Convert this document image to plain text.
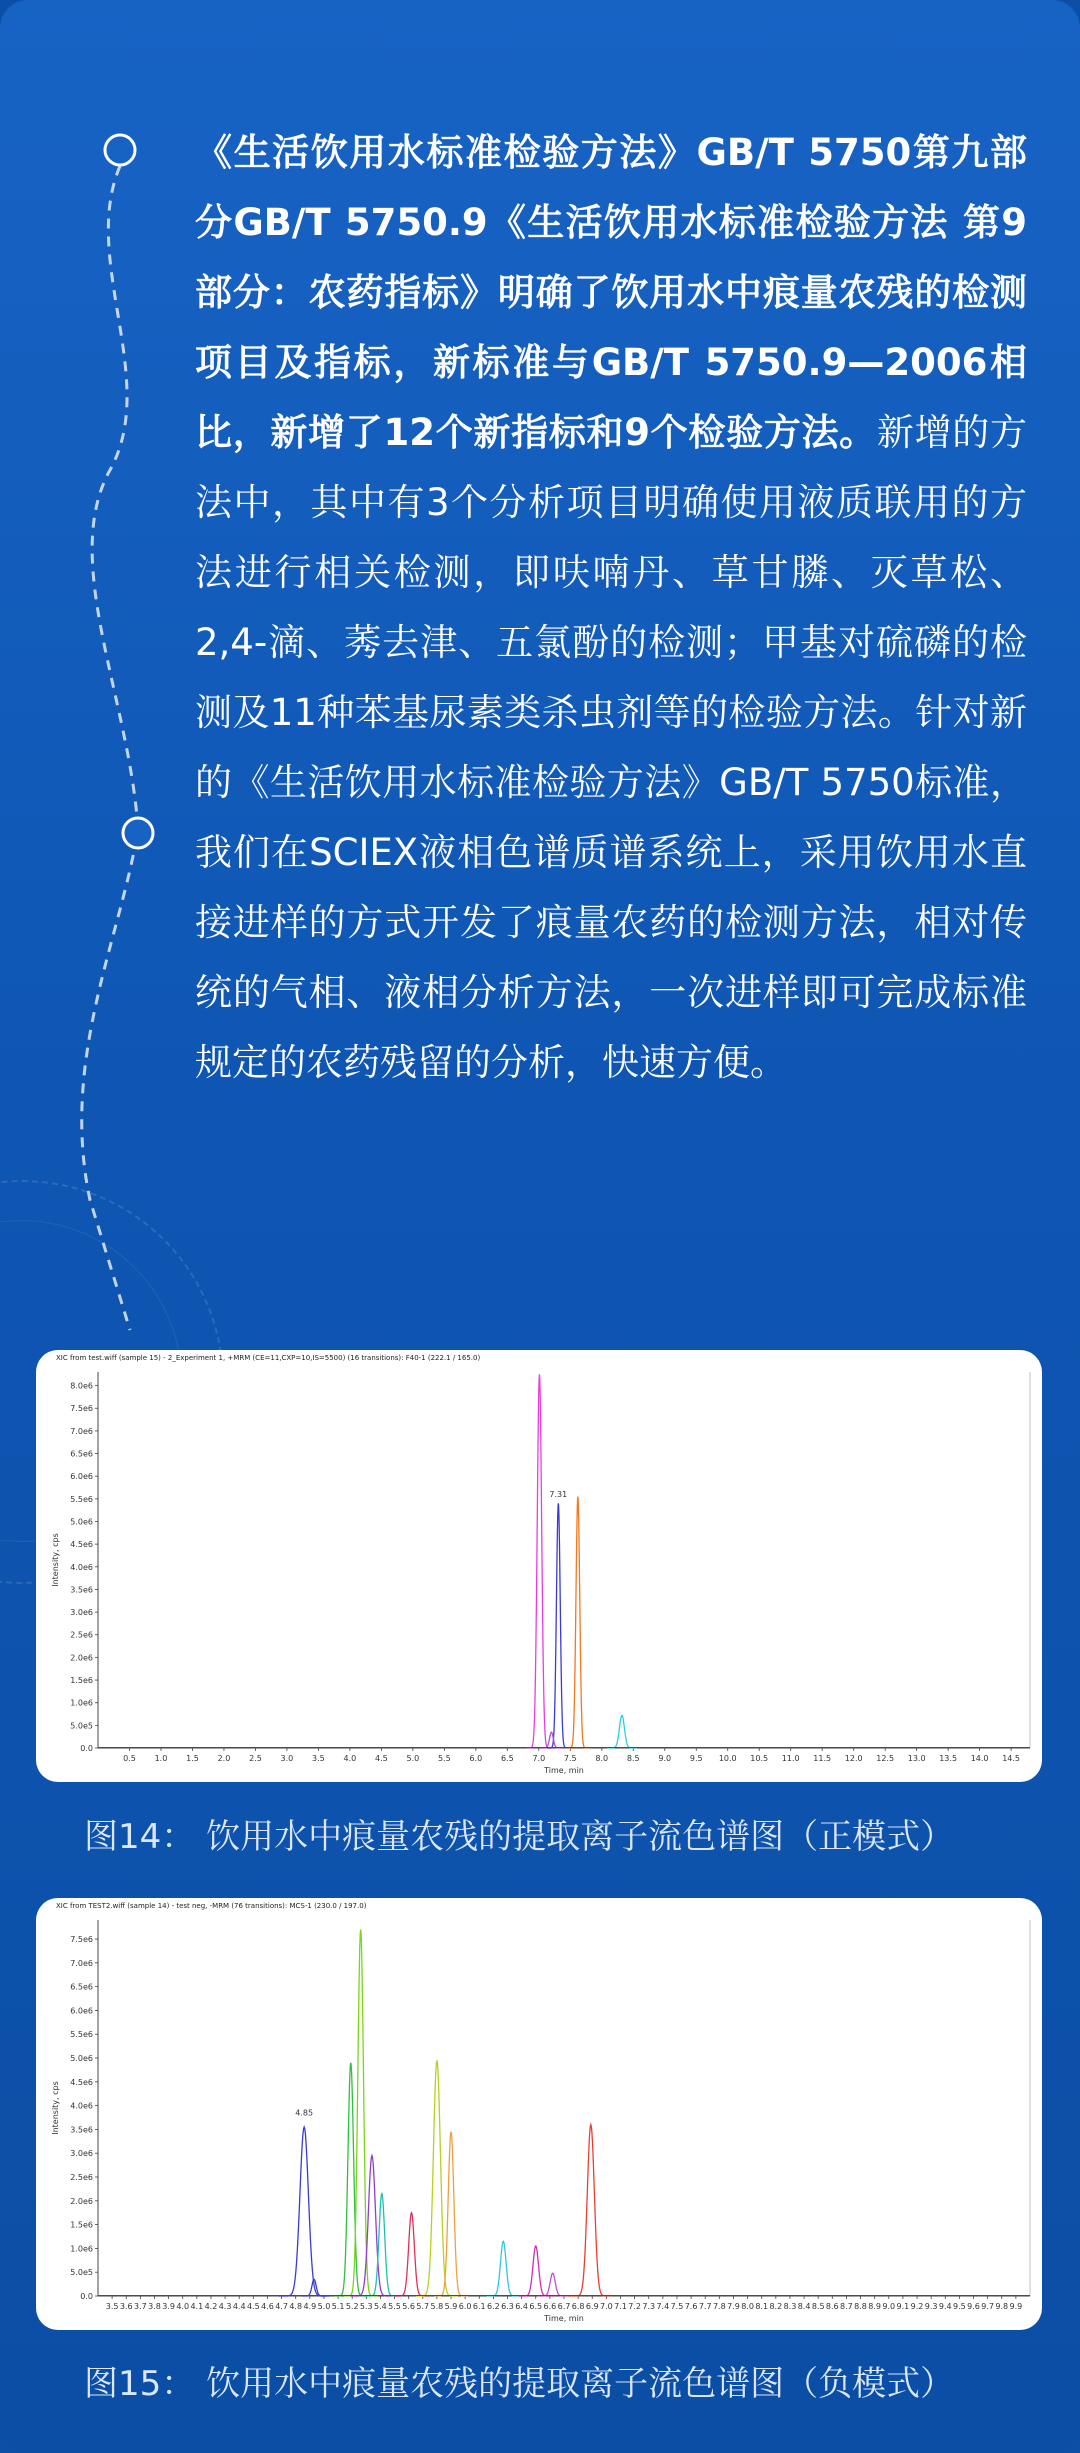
《生活饮用水标准检验方法》GB/T 5750第九部分GB/T 5750.9《生活饮用水标准检验方法 第9部分：农药指标》明确了饮用水中痕量农残的检测项目及指标，新标准与GB/T 5750.9—2006相比，新增了12个新指标和9个检验方法。新增的方法中，其中有3个分析项目明确使用液质联用的方法进行相关检测，即呋喃丹、草甘膦、灭草松、2,4-滴、莠去津、五氯酚的检测；甲基对硫磷的检测及11种苯基尿素类杀虫剂等的检验方法。针对新的《生活饮用水标准检验方法》GB/T 5750标准，我们在SCIEX液相色谱质谱系统上，采用饮用水直接进样的方式开发了痕量农药的检测方法，相对传统的气相、液相分析方法，一次进样即可完成标准规定的农药残留的分析，快速方便。

XIC from test.wiff (sample 15) - 2_Experiment 1, +MRM (CE=11,CXP=10,IS=5500) (16 transitions): F40-1 (222.1 / 165.0)
0.0
5.0e5
1.0e6
1.5e6
2.0e6
2.5e6
3.0e6
3.5e6
4.0e6
4.5e6
5.0e6
5.5e6
6.0e6
6.5e6
7.0e6
7.5e6
8.0e6
0.5 1.0 1.5 2.0 2.5 3.0 3.5 4.0 4.5 5.0 5.5 6.0 6.5 7.0 7.5 8.0 8.5 9.0 9.5 10.0 10.5 11.0 11.5 12.0 12.5 13.0 13.5 14.0 14.5
Time, min
Intensity, cps
7.31

图14： 饮用水中痕量农残的提取离子流色谱图（正模式）

XIC from TEST2.wiff (sample 14) - test neg, -MRM (76 transitions): MCS-1 (230.0 / 197.0)
0.0
5.0e5
1.0e6
1.5e6
2.0e6
2.5e6
3.0e6
3.5e6
4.0e6
4.5e6
5.0e6
5.5e6
6.0e6
6.5e6
7.0e6
7.5e6
3.5 3.6 3.7 3.8 3.9 4.0 4.1 4.2 4.3 4.4 4.5 4.6 4.7 4.8 4.9 5.0 5.1 5.2 5.3 5.4 5.5 5.6 5.7 5.8 5.9 6.0 6.1 6.2 6.3 6.4 6.5 6.6 6.7 6.8 6.9 7.0 7.1 7.2 7.3 7.4 7.5 7.6 7.7 7.8 7.9 8.0 8.1 8.2 8.3 8.4 8.5 8.6 8.7 8.8 8.9 9.0 9.1 9.2 9.3 9.4 9.5 9.6 9.7 9.8 9.9
Time, min
Intensity, cps	4.85

图15： 饮用水中痕量农残的提取离子流色谱图（负模式）
